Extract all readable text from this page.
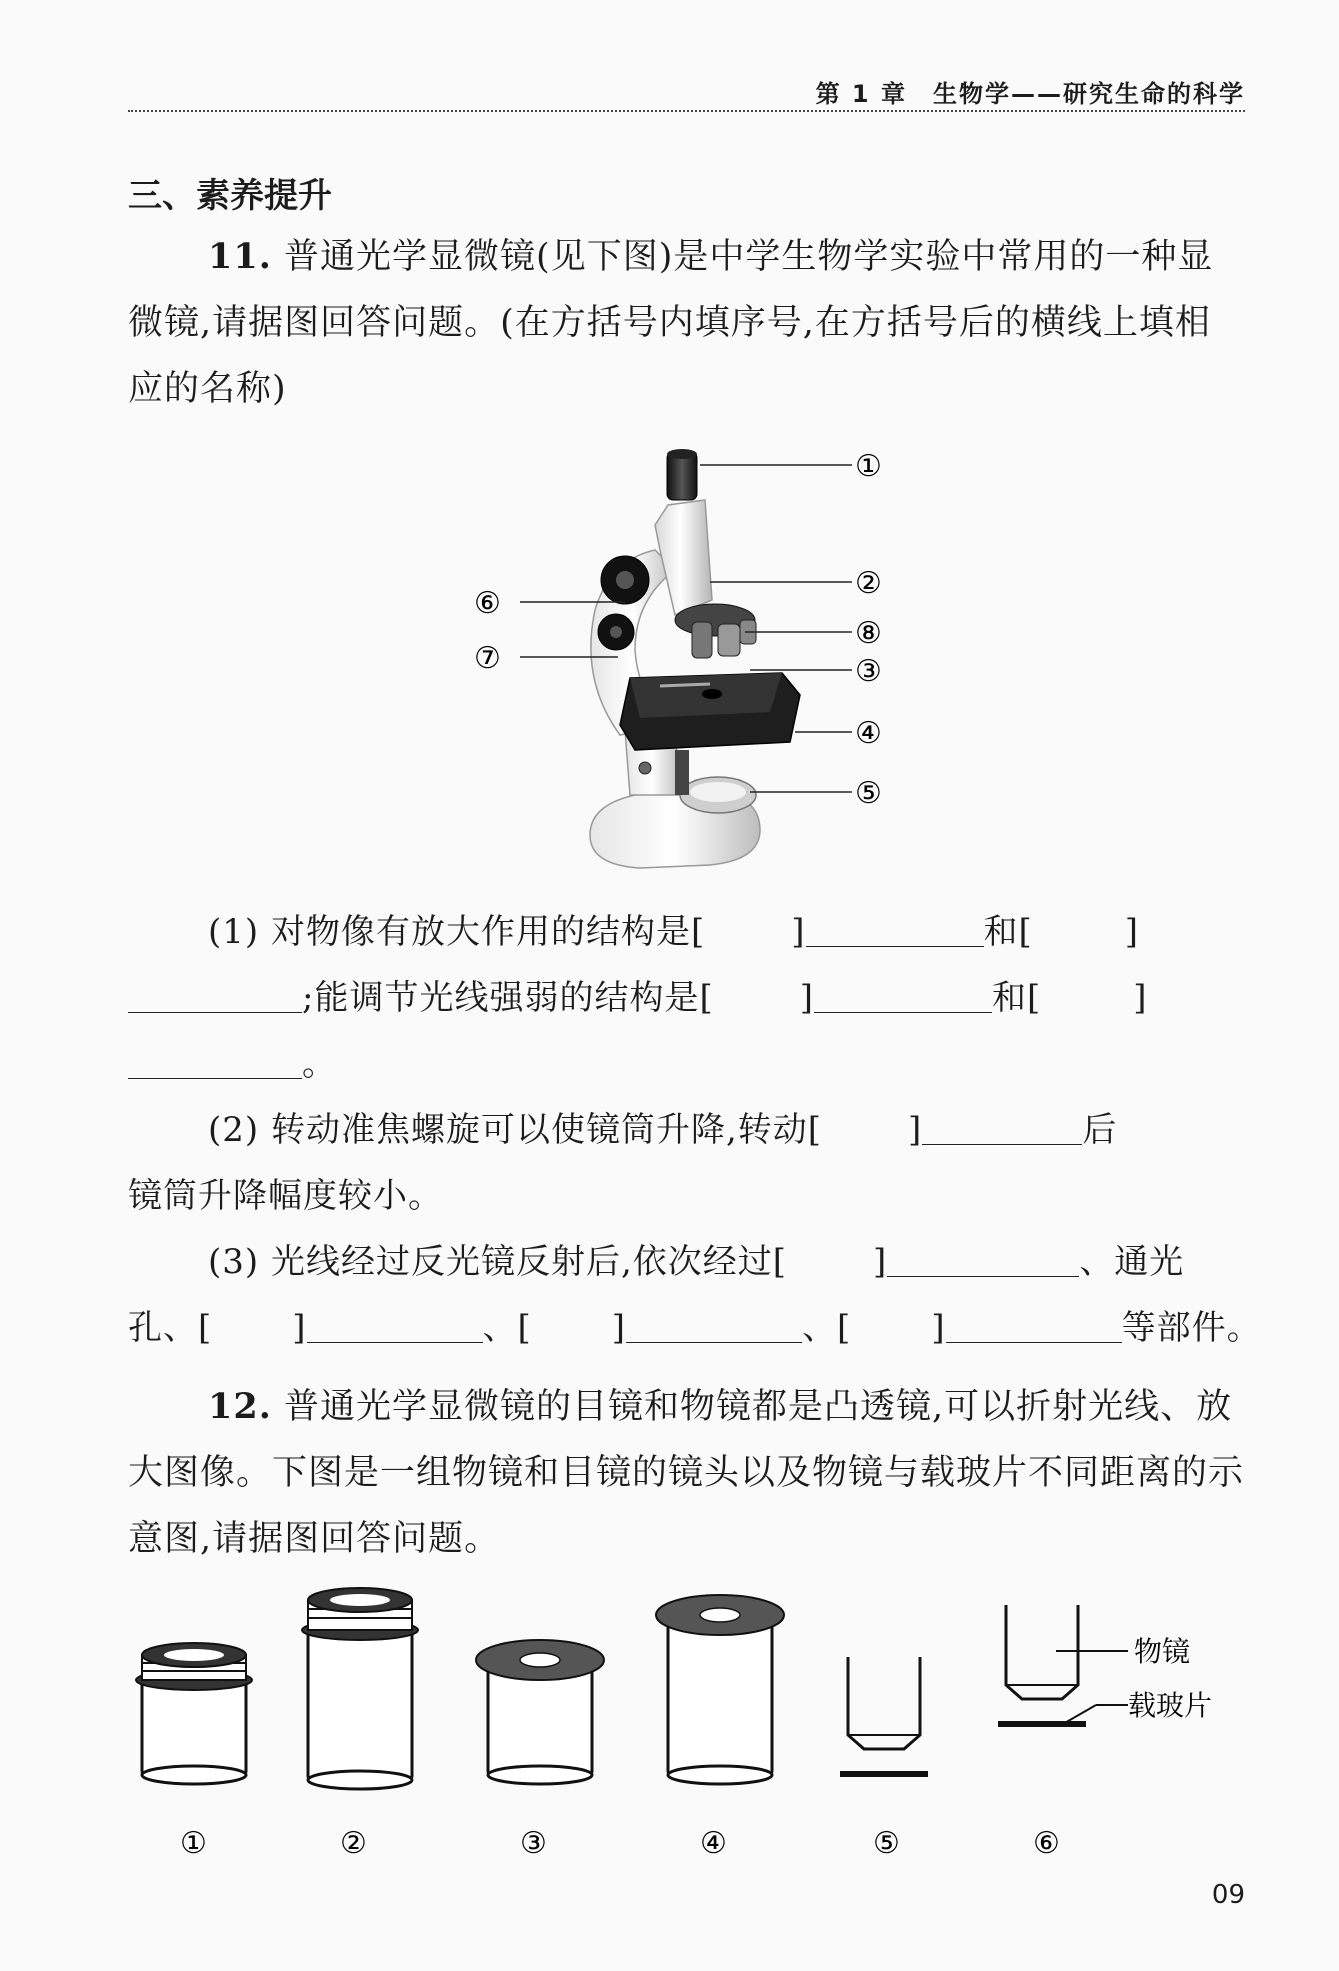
第 1 章　生物学——研究生命的科学
三、素养提升
11. 普通光学显微镜(见下图)是中学生物学实验中常用的一种显微镜,请据图回答问题。(在方括号内填序号,在方括号后的横线上填相应的名称)
①
②
⑧
③
④
⑤
⑥
⑦
(1) 对物像有放大作用的结构是[	]	和[	]
;能调节光线强弱的结构是[	]	和[	]
。
(2) 转动准焦螺旋可以使镜筒升降,转动[	]	后
镜筒升降幅度较小。
(3) 光线经过反光镜反射后,依次经过[	]	、通光
孔、[ ]	、[ ]	、[ ]	等部件。
12. 普通光学显微镜的目镜和物镜都是凸透镜,可以折射光线、放大图像。下图是一组物镜和目镜的镜头以及物镜与载玻片不同距离的示意图,请据图回答问题。
物镜
载玻片
①	②	③	④	⑤	⑥
09
